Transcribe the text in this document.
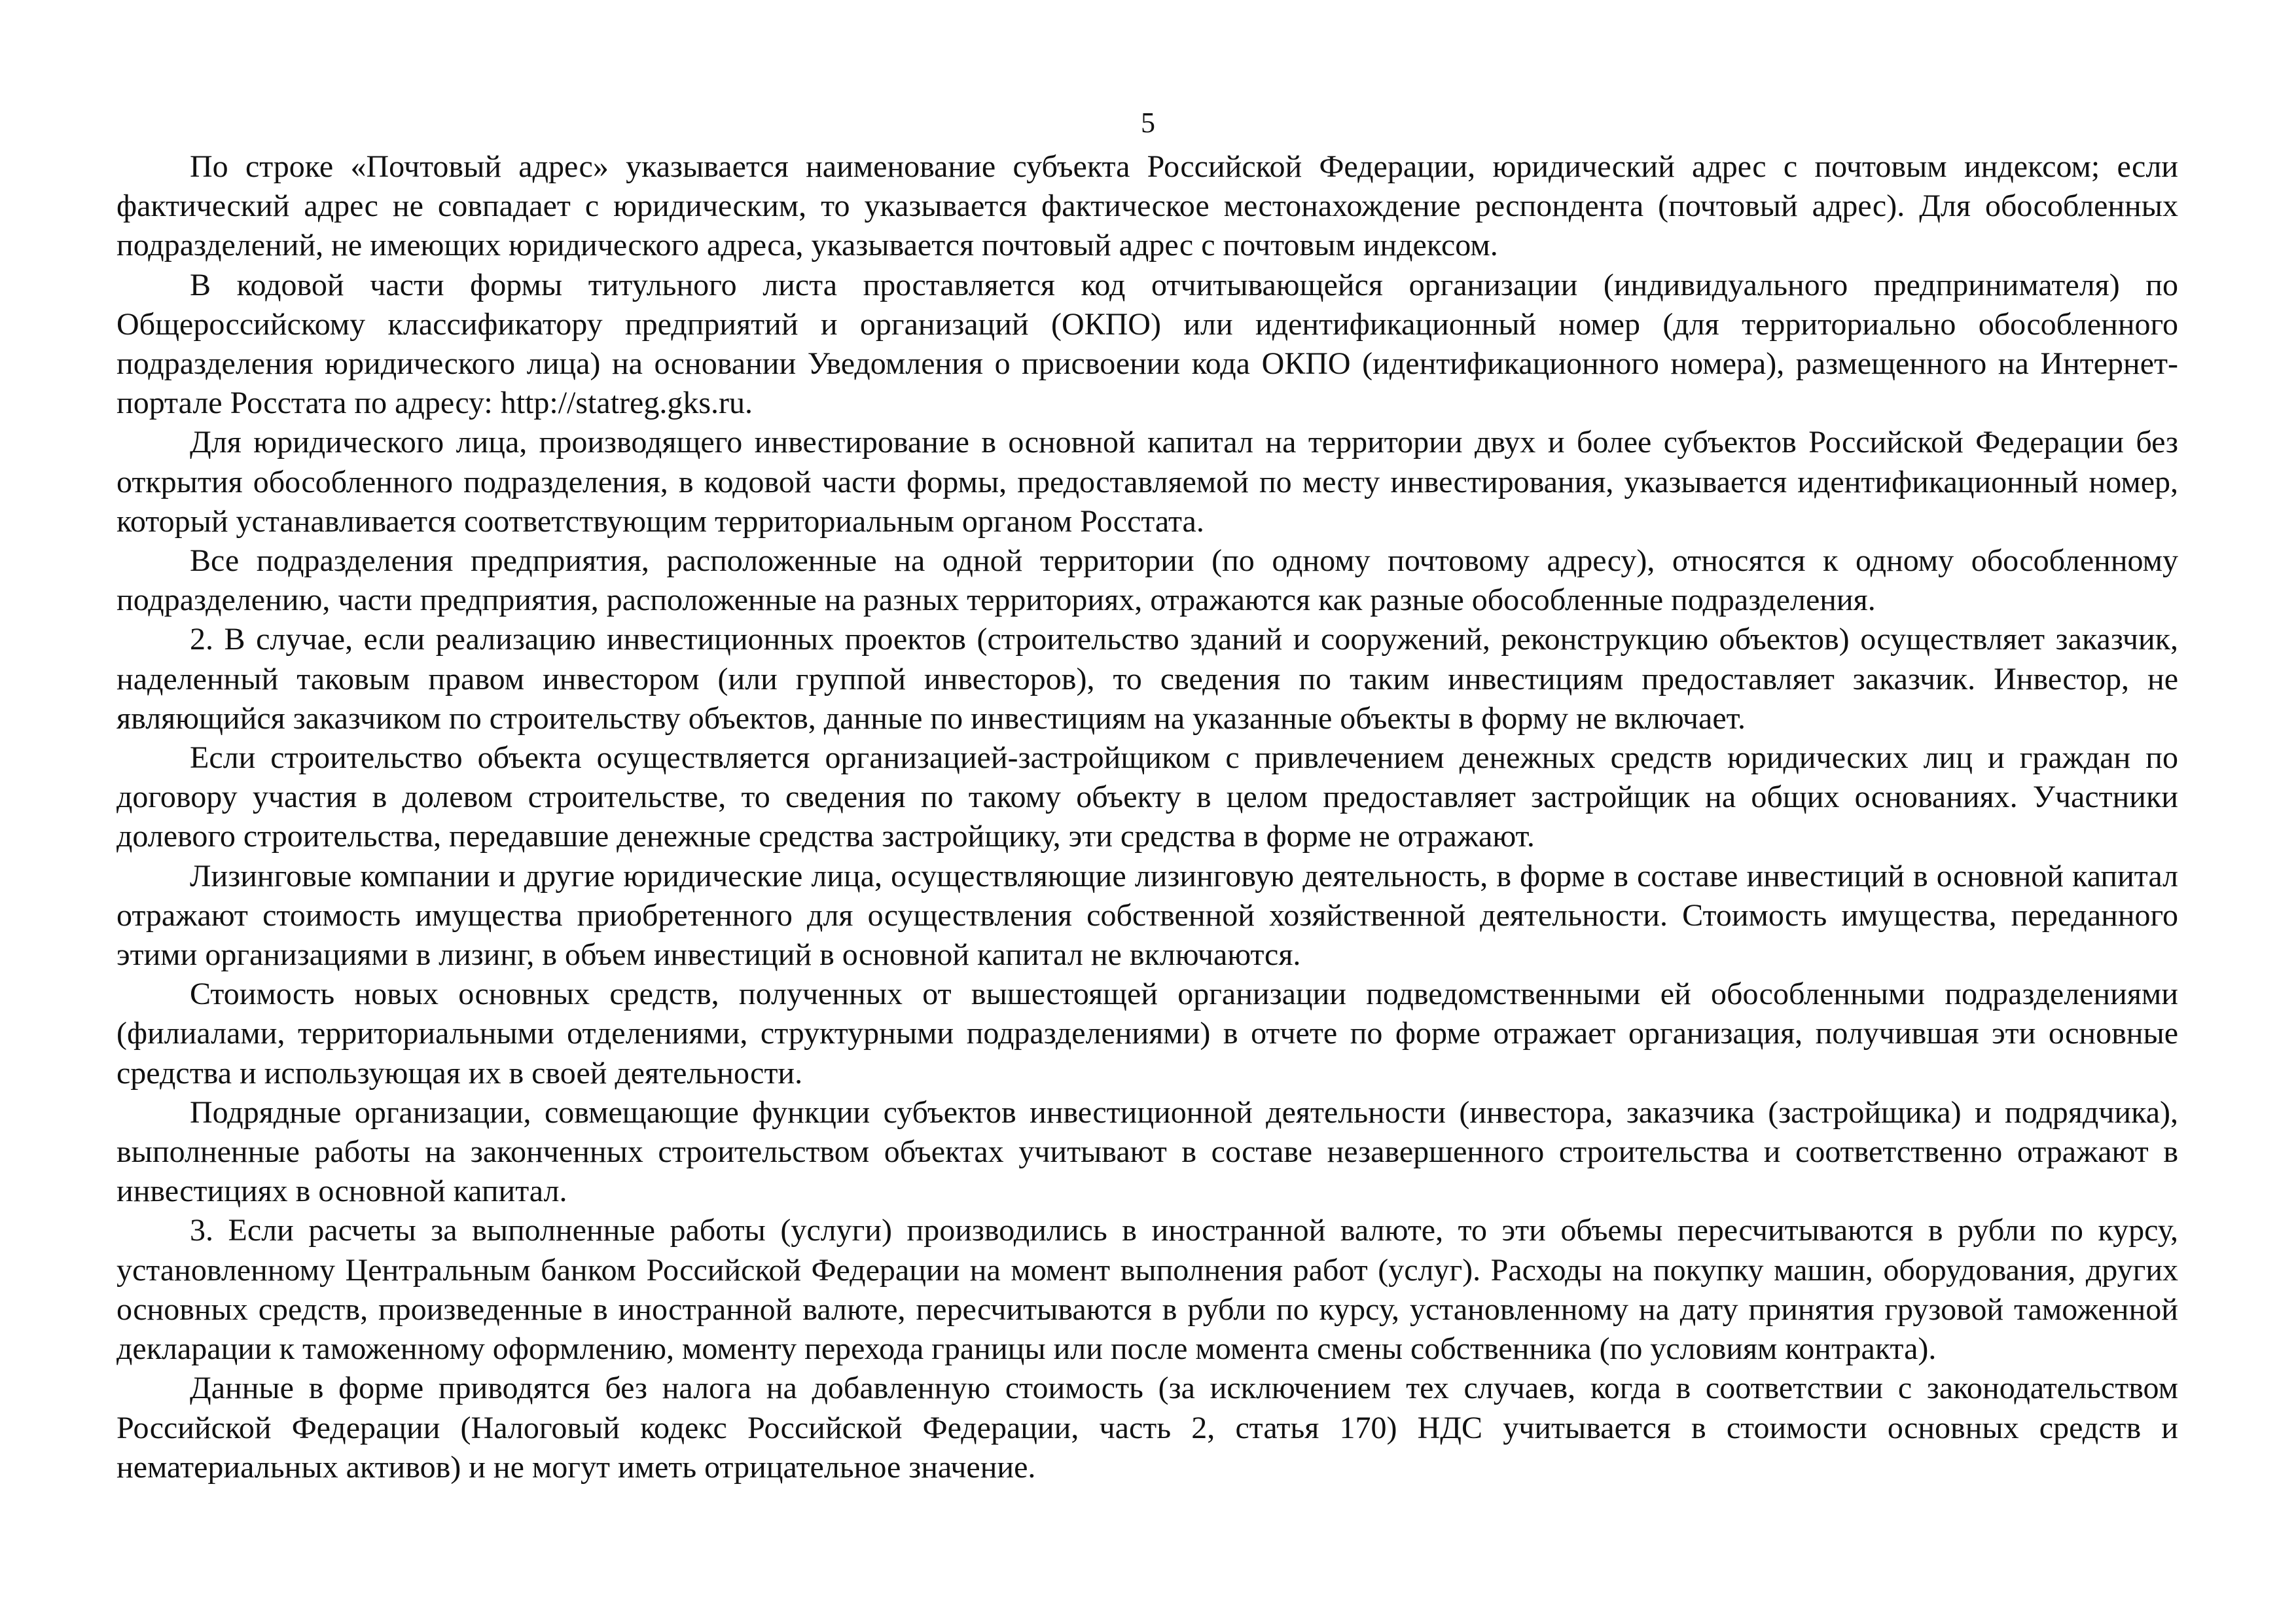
5

По строке «Почтовый адрес» указывается наименование субъекта Российской Федерации, юридический адрес с почтовым индексом; если фактический адрес не совпадает с юридическим, то указывается фактическое местонахождение респондента (почтовый адрес). Для обособленных подразделений, не имеющих юридического адреса, указывается почтовый адрес с почтовым индексом.

В кодовой части формы титульного листа проставляется код отчитывающейся организации (индивидуального предпринимателя) по Общероссийскому классификатору предприятий и организаций (ОКПО) или идентификационный номер (для территориально обособленного подразделения юридического лица) на основании Уведомления о присвоении кода ОКПО (идентификационного номера), размещенного на Интернет-портале Росстата по адресу: http://statreg.gks.ru.

Для юридического лица, производящего инвестирование в основной капитал на территории двух и более субъектов Российской Федерации без открытия обособленного подразделения, в кодовой части формы, предоставляемой по месту инвестирования, указывается идентификационный номер, который устанавливается соответствующим территориальным органом Росстата.

Все подразделения предприятия, расположенные на одной территории (по одному почтовому адресу), относятся к одному обособленному подразделению, части предприятия, расположенные на разных территориях, отражаются как разные обособленные подразделения.

2. В случае, если реализацию инвестиционных проектов (строительство зданий и сооружений, реконструкцию объектов) осуществляет заказчик, наделенный таковым правом инвестором (или группой инвесторов), то сведения по таким инвестициям предоставляет заказчик. Инвестор, не являющийся заказчиком по строительству объектов, данные по инвестициям на указанные объекты в форму не включает.

Если строительство объекта осуществляется организацией-застройщиком с привлечением денежных средств юридических лиц и граждан по договору участия в долевом строительстве, то сведения по такому объекту в целом предоставляет застройщик на общих основаниях. Участники долевого строительства, передавшие денежные средства застройщику, эти средства в форме не отражают.

Лизинговые компании и другие юридические лица, осуществляющие лизинговую деятельность, в форме в составе инвестиций в основной капитал отражают стоимость имущества приобретенного для осуществления собственной хозяйственной деятельности. Стоимость имущества, переданного этими организациями в лизинг, в объем инвестиций в основной капитал не включаются.

Стоимость новых основных средств, полученных от вышестоящей организации подведомственными ей обособленными подразделениями (филиалами, территориальными отделениями, структурными подразделениями) в отчете по форме отражает организация, получившая эти основные средства и использующая их в своей деятельности.

Подрядные организации, совмещающие функции субъектов инвестиционной деятельности (инвестора, заказчика (застройщика) и подрядчика), выполненные работы на законченных строительством объектах учитывают в составе незавершенного строительства и соответственно отражают в инвестициях в основной капитал.

3. Если расчеты за выполненные работы (услуги) производились в иностранной валюте, то эти объемы пересчитываются в рубли по курсу, установленному Центральным банком Российской Федерации на момент выполнения работ (услуг). Расходы на покупку машин, оборудования, других основных средств, произведенные в иностранной валюте, пересчитываются в рубли по курсу, установленному на дату принятия грузовой таможенной декларации к таможенному оформлению, моменту перехода границы или после момента смены собственника (по условиям контракта).

Данные в форме приводятся без налога на добавленную стоимость (за исключением тех случаев, когда в соответствии с законодательством Российской Федерации (Налоговый кодекс Российской Федерации, часть 2, статья 170) НДС учитывается в стоимости основных средств и нематериальных активов) и не могут иметь отрицательное значение.
